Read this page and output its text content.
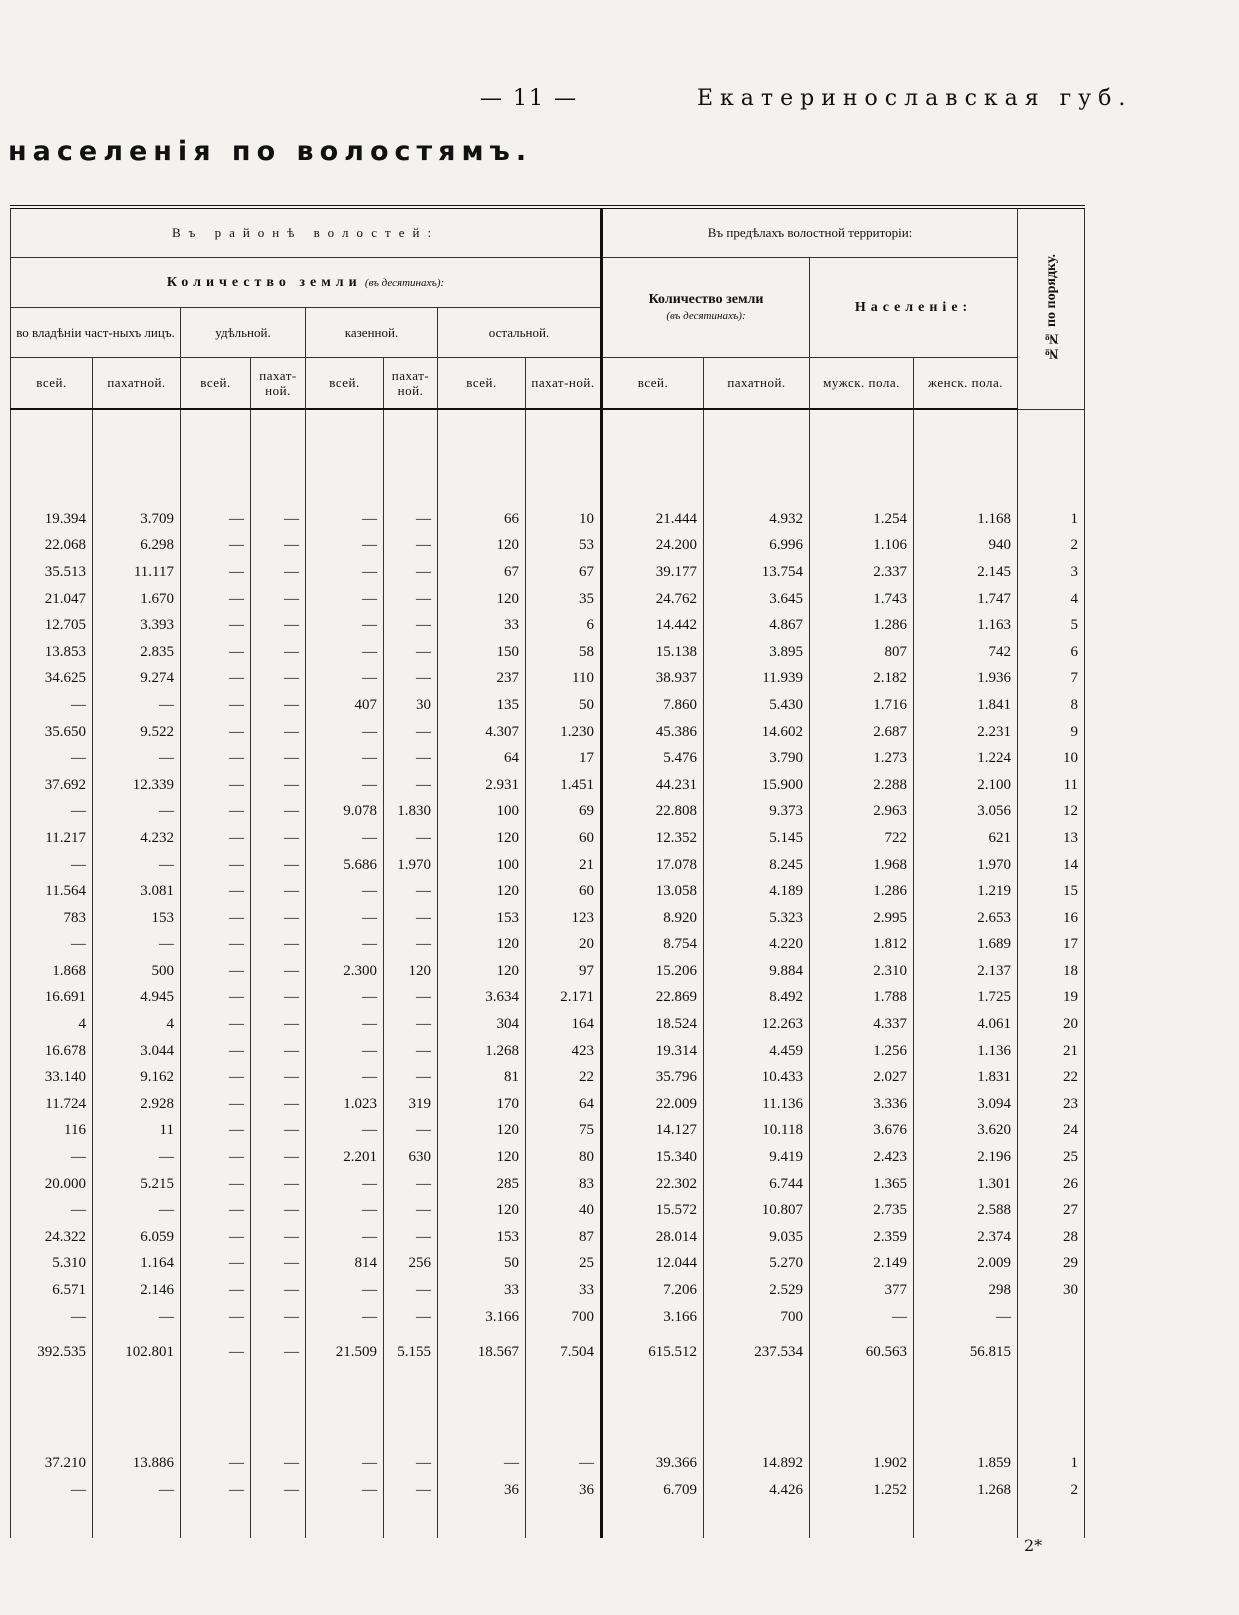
— 11 —	Екатеринославская губ.
населенія по волостямъ.
Въ районѣ волостей:								Въ предѣлахъ волостной территоріи:				№№ по порядку.
Количество земли (въ десятинахъ):								Количество земли
(въ десятинахъ):		Населеніе:		
во владѣніи част-ныхъ лицъ.		удѣльной.		казенной.		остальной.						
всей.	пахатной.	всей.	пахат-ной.	всей.	пахат-ной.	всей.	пахат-ной.	всей.	пахатной.	мужск. пола.	женск. пола.	

19.394	3.709	—	—	—	—	66	10	21.444	4.932	1.254	1.168	1
22.068	6.298	—	—	—	—	120	53	24.200	6.996	1.106	940	2
35.513	11.117	—	—	—	—	67	67	39.177	13.754	2.337	2.145	3
21.047	1.670	—	—	—	—	120	35	24.762	3.645	1.743	1.747	4
12.705	3.393	—	—	—	—	33	6	14.442	4.867	1.286	1.163	5
13.853	2.835	—	—	—	—	150	58	15.138	3.895	807	742	6
34.625	9.274	—	—	—	—	237	110	38.937	11.939	2.182	1.936	7
—	—	—	—	407	30	135	50	7.860	5.430	1.716	1.841	8
35.650	9.522	—	—	—	—	4.307	1.230	45.386	14.602	2.687	2.231	9
—	—	—	—	—	—	64	17	5.476	3.790	1.273	1.224	10
37.692	12.339	—	—	—	—	2.931	1.451	44.231	15.900	2.288	2.100	11
—	—	—	—	9.078	1.830	100	69	22.808	9.373	2.963	3.056	12
11.217	4.232	—	—	—	—	120	60	12.352	5.145	722	621	13
—	—	—	—	5.686	1.970	100	21	17.078	8.245	1.968	1.970	14
11.564	3.081	—	—	—	—	120	60	13.058	4.189	1.286	1.219	15
783	153	—	—	—	—	153	123	8.920	5.323	2.995	2.653	16
—	—	—	—	—	—	120	20	8.754	4.220	1.812	1.689	17
1.868	500	—	—	2.300	120	120	97	15.206	9.884	2.310	2.137	18
16.691	4.945	—	—	—	—	3.634	2.171	22.869	8.492	1.788	1.725	19
4	4	—	—	—	—	304	164	18.524	12.263	4.337	4.061	20
16.678	3.044	—	—	—	—	1.268	423	19.314	4.459	1.256	1.136	21
33.140	9.162	—	—	—	—	81	22	35.796	10.433	2.027	1.831	22
11.724	2.928	—	—	1.023	319	170	64	22.009	11.136	3.336	3.094	23
116	11	—	—	—	—	120	75	14.127	10.118	3.676	3.620	24
—	—	—	—	2.201	630	120	80	15.340	9.419	2.423	2.196	25
20.000	5.215	—	—	—	—	285	83	22.302	6.744	1.365	1.301	26
—	—	—	—	—	—	120	40	15.572	10.807	2.735	2.588	27
24.322	6.059	—	—	—	—	153	87	28.014	9.035	2.359	2.374	28
5.310	1.164	—	—	814	256	50	25	12.044	5.270	2.149	2.009	29
6.571	2.146	—	—	—	—	33	33	7.206	2.529	377	298	30
—	—	—	—	—	—	3.166	700	3.166	700	—	—	
392.535	102.801	—	—	21.509	5.155	18.567	7.504	615.512	237.534	60.563	56.815	

37.210	13.886	—	—	—	—	—	—	39.366	14.892	1.902	1.859	1
—	—	—	—	—	—	36	36	6.709	4.426	1.252	1.268	2

2*
